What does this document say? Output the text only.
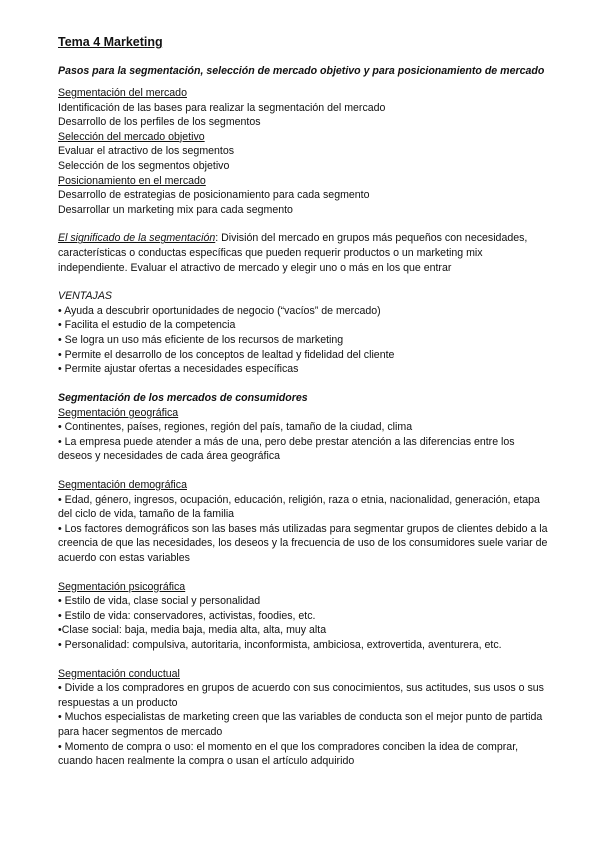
Tema 4 Marketing
Pasos para la segmentación, selección de mercado objetivo y para posicionamiento de mercado
Segmentación del mercado
Identificación de las bases para realizar la segmentación del mercado
Desarrollo de los perfiles de los segmentos
Selección del mercado objetivo
Evaluar el atractivo de los segmentos
Selección de los segmentos objetivo
Posicionamiento en el mercado
Desarrollo de estrategias de posicionamiento para cada segmento
Desarrollar un marketing mix para cada segmento
El significado de la segmentación: División del mercado en grupos más pequeños con necesidades, características o conductas específicas que pueden requerir productos o un marketing mix independiente. Evaluar el atractivo de mercado y elegir uno o más en los que entrar
VENTAJAS
• Ayuda a descubrir oportunidades de negocio (“vacíos” de mercado)
• Facilita el estudio de la competencia
• Se logra un uso más eficiente de los recursos de marketing
• Permite el desarrollo de los conceptos de lealtad y fidelidad del cliente
• Permite ajustar ofertas a necesidades específicas
Segmentación de los mercados de consumidores
Segmentación geográfica
• Continentes, países, regiones, región del país, tamaño de la ciudad, clima
• La empresa puede atender a más de una, pero debe prestar atención a las diferencias entre los deseos y necesidades de cada área geográfica
Segmentación demográfica
• Edad, género, ingresos, ocupación, educación, religión, raza o etnia, nacionalidad, generación, etapa del ciclo de vida, tamaño de la familia
• Los factores demográficos son las bases más utilizadas para segmentar grupos de clientes debido a la creencia de que las necesidades, los deseos y la frecuencia de uso de los consumidores suele variar de acuerdo con estas variables
Segmentación psicográfica
• Estilo de vida, clase social y personalidad
• Estilo de vida: conservadores, activistas, foodies, etc.
•Clase social: baja, media baja, media alta, alta, muy alta
• Personalidad: compulsiva, autoritaria, inconformista, ambiciosa, extrovertida, aventurera, etc.
Segmentación conductual
• Divide a los compradores en grupos de acuerdo con sus conocimientos, sus actitudes, sus usos o sus respuestas a un producto
• Muchos especialistas de marketing creen que las variables de conducta son el mejor punto de partida para hacer segmentos de mercado
• Momento de compra o uso: el momento en el que los compradores conciben la idea de comprar, cuando hacen realmente la compra o usan el artículo adquirido
